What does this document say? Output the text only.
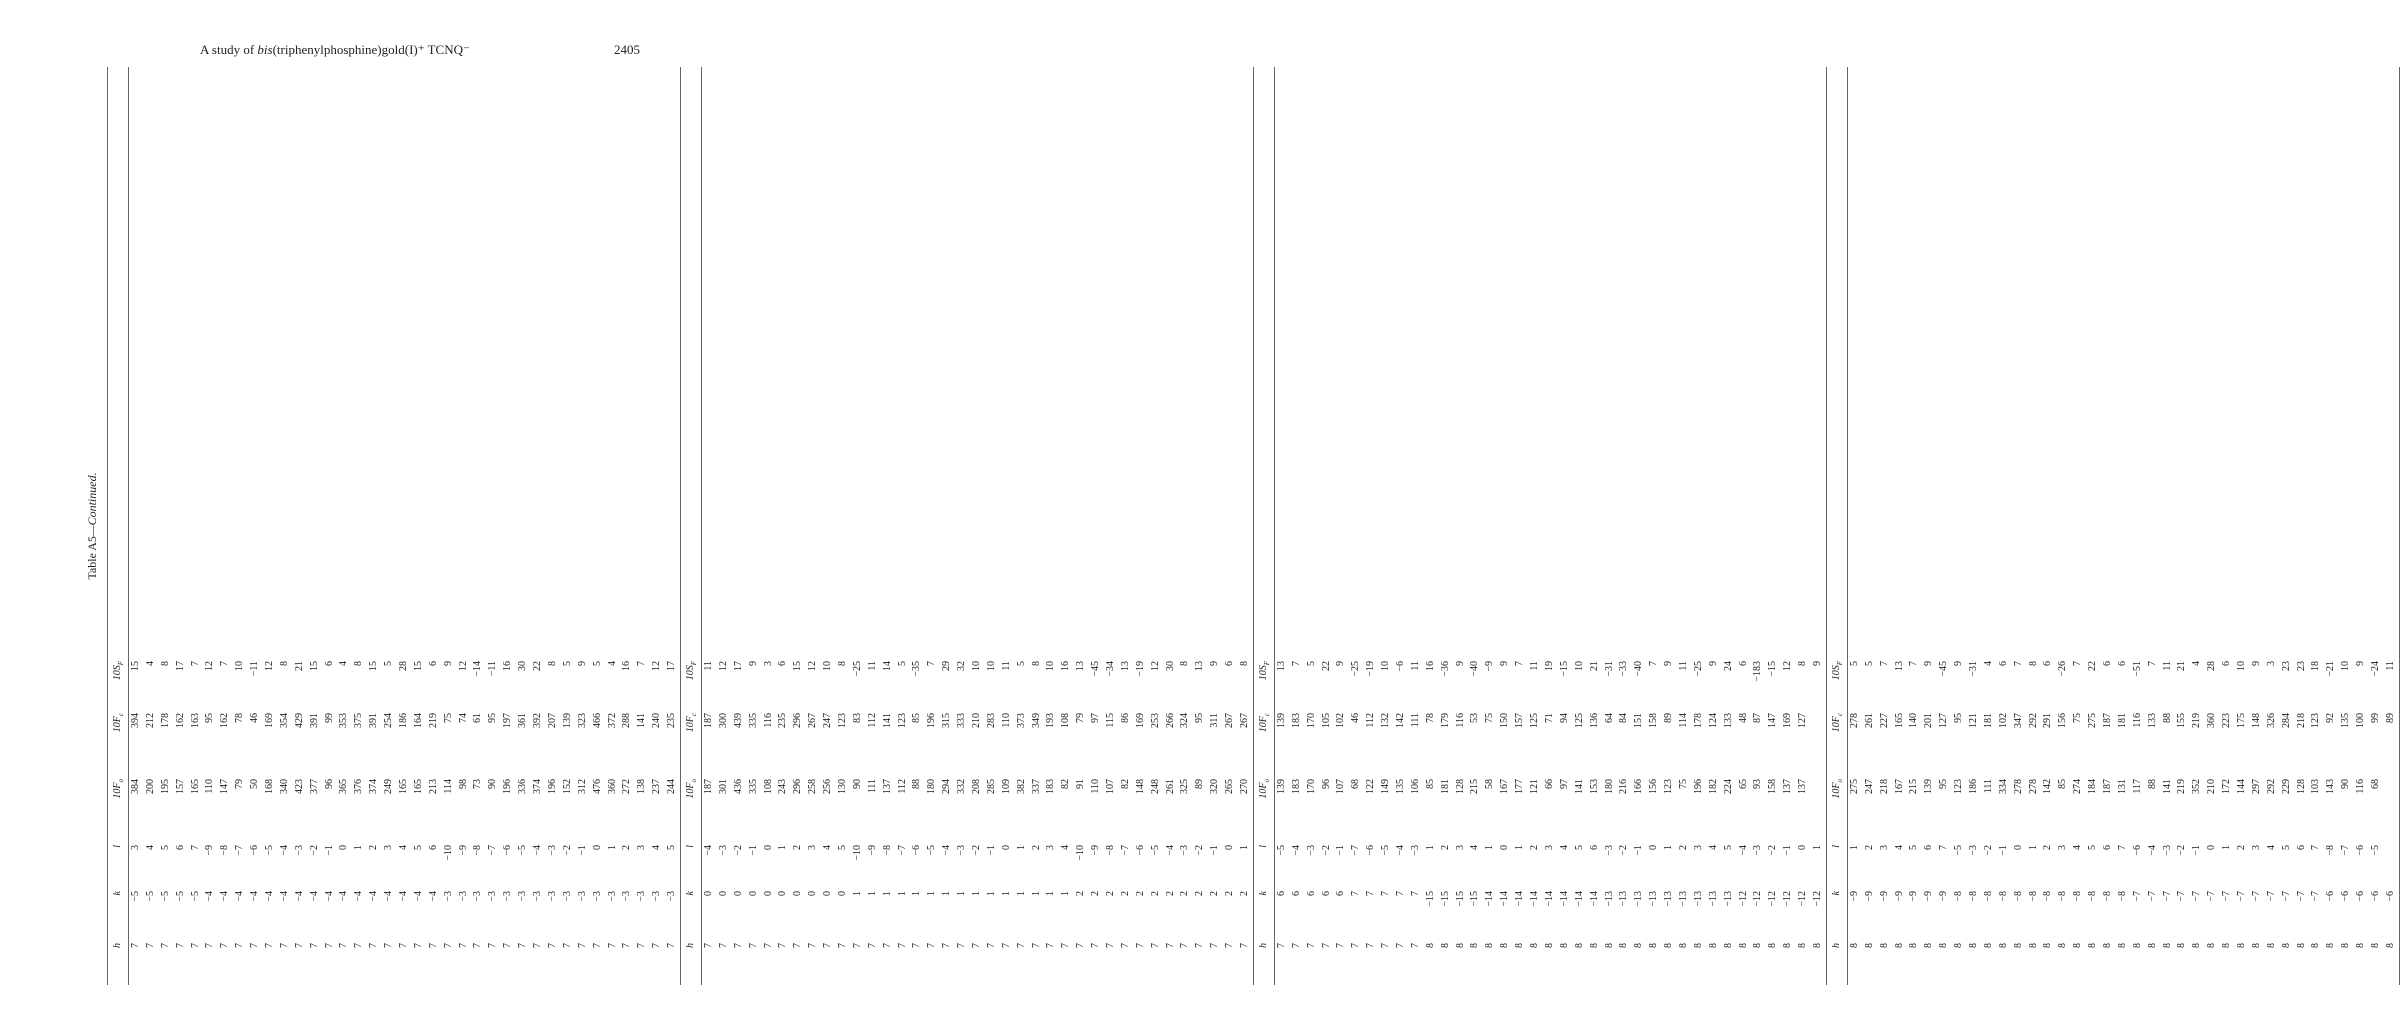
A study of bis(triphenylphosphine)gold(I)⁺ TCNQ⁻	2405
Table A5—Continued.
h
k
l
$10F_o$
$10F_c$
$10S_F$
7
−5
3
384
394
15
7
−5
4
200
212
4
7
−5
5
195
178
8
7
−5
6
157
162
17
7
−5
7
165
163
7
7
−4
−9
110
95
12
7
−4
−8
147
162
7
7
−4
−7
79
78
10
7
−4
−6
50
46
−11
7
−4
−5
168
169
12
7
−4
−4
340
354
8
7
−4
−3
423
429
21
7
−4
−2
377
391
15
7
−4
−1
96
99
6
7
−4
0
365
353
4
7
−4
1
376
375
8
7
−4
2
374
391
15
7
−4
3
249
254
5
7
−4
4
165
186
28
7
−4
5
165
164
15
7
−4
6
213
219
6
7
−3
−10
114
75
9
7
−3
−9
98
74
12
7
−3
−8
73
61
−14
7
−3
−7
90
95
−11
7
−3
−6
196
197
16
7
−3
−5
336
361
30
7
−3
−4
374
392
22
7
−3
−3
196
207
8
7
−3
−2
152
139
5
7
−3
−1
312
323
9
7
−3
0
476
466
5
7
−3
1
360
372
4
7
−3
2
272
288
16
7
−3
3
138
141
7
7
−3
4
237
240
12
7
−3
5
244
235
17
h
k
l
$10F_o$
$10F_c$
$10S_F$
7
0
−4
187
187
11
7
0
−3
301
300
12
7
0
−2
436
439
17
7
0
−1
335
335
9
7
0
0
108
116
3
7
0
1
243
235
6
7
0
2
296
296
15
7
0
3
258
267
12
7
0
4
256
247
10
7
0
5
130
123
8
7
1
−10
90
83
−25
7
1
−9
111
112
11
7
1
−8
137
141
14
7
1
−7
112
123
5
7
1
−6
88
85
−35
7
1
−5
180
196
7
7
1
−4
294
315
29
7
1
−3
332
333
32
7
1
−2
208
210
10
7
1
−1
285
283
10
7
1
0
109
110
11
7
1
1
382
373
5
7
1
2
337
349
8
7
1
3
183
193
10
7
1
4
82
108
16
7
2
−10
91
79
13
7
2
−9
110
97
−45
7
2
−8
107
115
−34
7
2
−7
82
86
13
7
2
−6
148
169
−19
7
2
−5
248
253
12
7
2
−4
261
266
30
7
2
−3
325
324
8
7
2
−2
89
95
13
7
2
−1
320
311
9
7
2
0
265
267
6
7
2
1
270
267
8
h
k
l
$10F_o$
$10F_c$
$10S_F$
7
6
−5
139
139
13
7
6
−4
183
183
7
7
6
−3
170
170
5
7
6
−2
96
105
22
7
6
−1
107
102
9
7
7
−7
68
46
−25
7
7
−6
122
112
−19
7
7
−5
149
132
10
7
7
−4
135
142
−6
7
7
−3
106
111
11
8
−15
1
85
78
16
8
−15
2
181
179
−36
8
−15
3
128
116
9
8
−15
4
215
53
−40
8
−14
1
58
75
−9
8
−14
0
167
150
9
8
−14
1
177
157
7
8
−14
2
121
125
11
8
−14
3
66
71
19
8
−14
4
97
94
−15
8
−14
5
141
125
10
8
−14
6
153
136
21
8
−13
−3
180
64
−31
8
−13
−2
216
84
−33
8
−13
−1
166
151
−40
8
−13
0
156
158
7
8
−13
1
123
89
9
8
−13
2
75
114
11
8
−13
3
196
178
−25
8
−13
4
182
124
9
8
−13
5
224
133
24
8
−12
−4
65
48
6
8
−12
−3
93
87
−183
8
−12
−2
158
147
−15
8
−12
−1
137
169
12
8
−12
0
137
127
8
8
−12
1
9
h
k
l
$10F_o$
$10F_c$
$10S_F$
8
−9
1
275
278
5
8
−9
2
247
261
5
8
−9
3
218
227
7
8
−9
4
167
165
13
8
−9
5
215
140
7
8
−9
6
139
201
9
8
−9
7
95
127
−45
8
−8
−5
123
95
9
8
−8
−3
186
121
−31
8
−8
−2
111
181
4
8
−8
−1
334
102
6
8
−8
0
278
347
7
8
−8
1
278
292
8
8
−8
2
142
291
6
8
−8
3
85
156
−26
8
−8
4
274
75
7
8
−8
5
184
275
22
8
−8
6
187
187
6
8
−8
7
131
181
6
8
−7
−6
117
116
−51
8
−7
−4
88
133
7
8
−7
−3
141
88
11
8
−7
−2
219
155
21
8
−7
−1
352
219
4
8
−7
0
210
360
28
8
−7
1
172
223
6
8
−7
2
144
175
10
8
−7
3
297
148
9
8
−7
4
292
326
3
8
−7
5
229
284
23
8
−7
6
128
218
23
8
−7
7
103
123
18
8
−6
−8
143
92
−21
8
−6
−7
90
135
10
8
−6
−6
116
100
9
8
−6
−5
68
99
−24
8
−6
89
11
